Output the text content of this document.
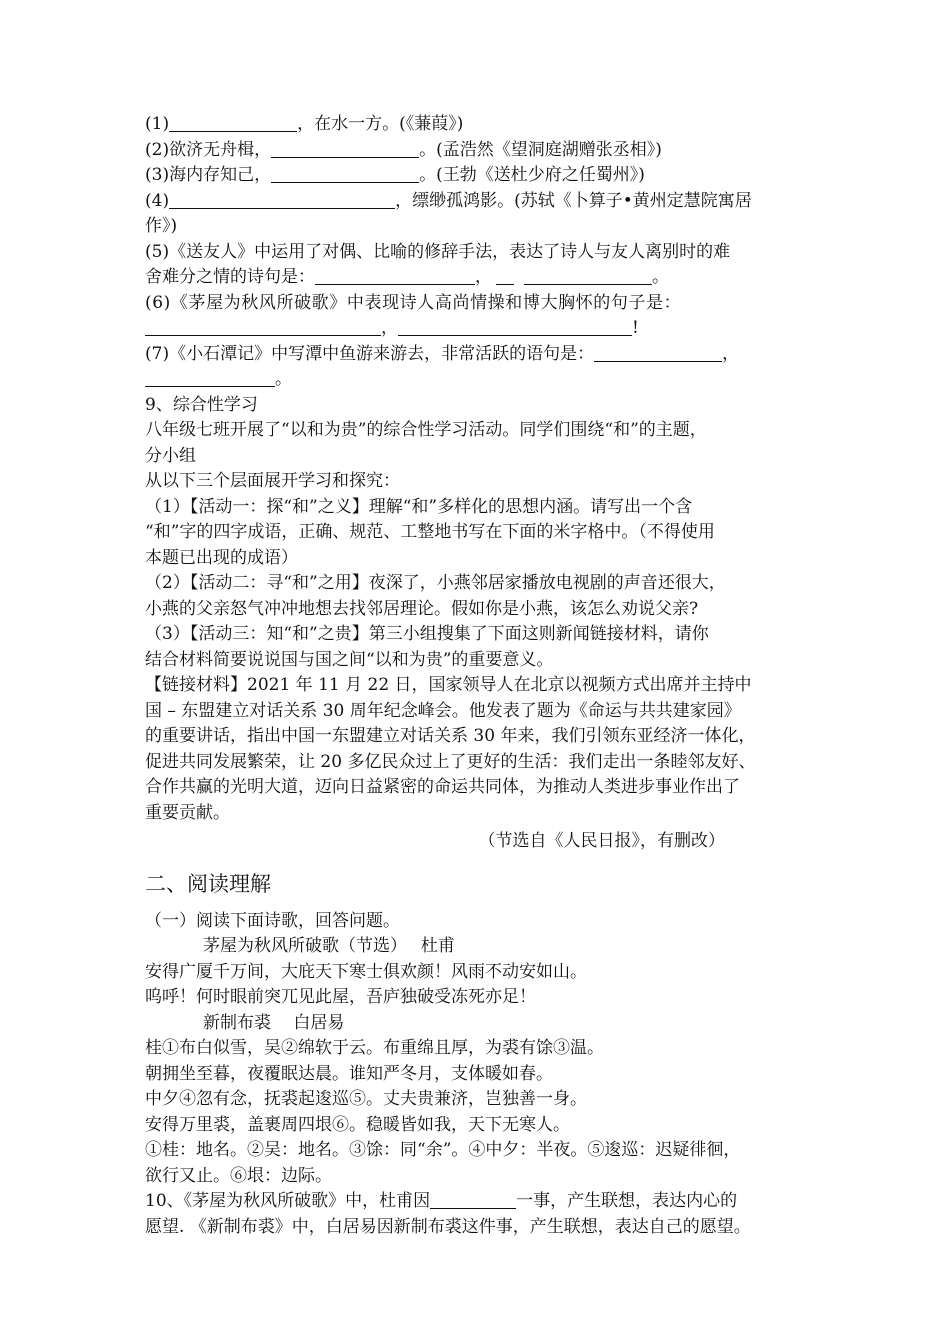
(1)	，在水一方。(《蒹葭》)
(2)欲济无舟楫，	。(孟浩然《望洞庭湖赠张丞相》)
(3)海内存知己，	。(王勃《送杜少府之任蜀州》)
(4)	，缥缈孤鸿影。(苏轼《卜算子•黄州定慧院寓居
作》)
(5)《送友人》中运用了对偶、比喻的修辞手法，表达了诗人与友人离别时的难
舍难分之情的诗句是：	，	。
(6)《茅屋为秋风所破歌》中表现诗人高尚情操和博大胸怀的句子是：
，	!
(7)《小石潭记》中写潭中鱼游来游去，非常活跃的语句是：	，
。
9、综合性学习
八年级七班开展了“以和为贵”的综合性学习活动。同学们围绕“和”的主题，
分小组
从以下三个层面展开学习和探究：
（1）【活动一：探“和”之义】理解“和”多样化的思想内涵。请写出一个含
“和”字的四字成语，正确、规范、工整地书写在下面的米字格中。（不得使用
本题已出现的成语）
（2）【活动二：寻“和”之用】夜深了，小燕邻居家播放电视剧的声音还很大，
小燕的父亲怒气冲冲地想去找邻居理论。假如你是小燕，该怎么劝说父亲?
（3）【活动三：知“和”之贵】第三小组搜集了下面这则新闻链接材料，请你
结合材料简要说说国与国之间“以和为贵”的重要意义。
【链接材料】2021 年 11 月 22 日，国家领导人在北京以视频方式出席并主持中
国 – 东盟建立对话关系 30 周年纪念峰会。他发表了题为《命运与共共建家园》
的重要讲话，指出中国一东盟建立对话关系 30 年来，我们引领东亚经济一体化，
促进共同发展繁荣，让 20 多亿民众过上了更好的生活：我们走出一条睦邻友好、
合作共赢的光明大道，迈向日益紧密的命运共同体，为推动人类进步事业作出了
重要贡献。
（节选自《人民日报》，有删改）
二、阅读理解
（一）阅读下面诗歌，回答问题。
茅屋为秋风所破歌（节选）　 杜甫
安得广厦千万间，大庇天下寒士俱欢颜！风雨不动安如山。
呜呼！何时眼前突兀见此屋，吾庐独破受冻死亦足！
新制布裘　 白居易
桂①布白似雪，吴②绵软于云。布重绵且厚，为裘有馀③温。
朝拥坐至暮，夜覆眠达晨。谁知严冬月，支体暖如春。
中夕④忽有念，抚裘起逡巡⑤。丈夫贵兼济，岂独善一身。
安得万里裘，盖裹周四垠⑥。稳暖皆如我，天下无寒人。
①桂：地名。②吴：地名。③馀：同“余”。④中夕：半夜。⑤逡巡：迟疑徘徊，
欲行又止。⑥垠：边际。
10、《茅屋为秋风所破歌》中，杜甫因	一事，产生联想，表达内心的
愿望. 《新制布裘》中，白居易因新制布裘这件事，产生联想，表达自己的愿望。
